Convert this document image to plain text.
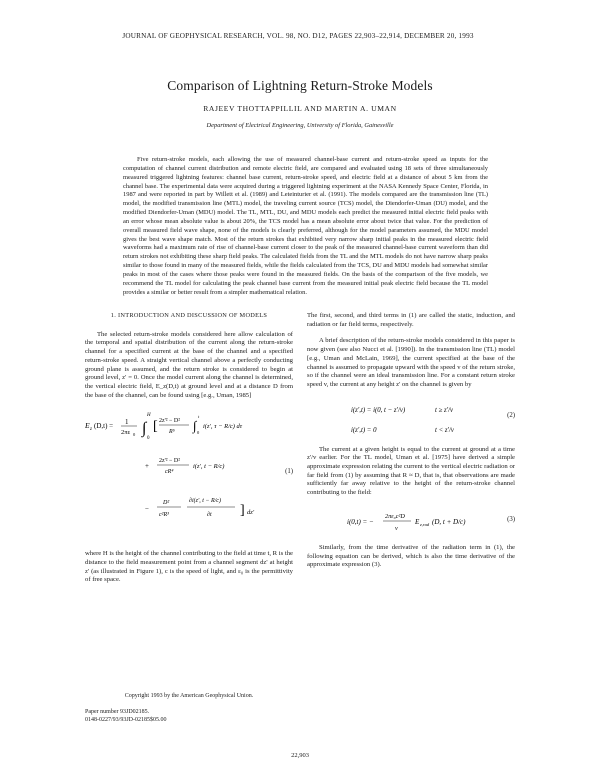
JOURNAL OF GEOPHYSICAL RESEARCH, VOL. 98, NO. D12, PAGES 22,903–22,914, DECEMBER 20, 1993
Comparison of Lightning Return-Stroke Models
RAJEEV THOTTAPPILLIL AND MARTIN A. UMAN
Department of Electrical Engineering, University of Florida, Gainesville

Five return-stroke models, each allowing the use of measured channel-base current and return-stroke speed as inputs for the computation of channel current distribution and remote electric field, are compared and evaluated using 18 sets of three simultaneously measured triggered lightning features: channel base current, return-stroke speed, and electric field at a distance of about 5 km from the channel base. The experimental data were acquired during a triggered lightning experiment at the NASA Kennedy Space Center, Florida, in 1987 and were reported in part by Willett et al. (1989) and Leteinturier et al. (1991). The models compared are the transmission line (TL) model, the modified transmission line (MTL) model, the traveling current source (TCS) model, the Diendorfer-Uman (DU) model, and the modified Diendorfer-Uman (MDU) model. The TL, MTL, DU, and MDU models each predict the measured initial electric field peaks with an error whose mean absolute value is about 20%, the TCS model has a mean absolute error about twice that value. For the prediction of overall measured field wave shape, none of the models is clearly preferred, although for the model parameters assumed, the MDU model gives the best wave shape match. Most of the return strokes that exhibited very narrow sharp initial peaks in the measured electric field waveforms had a maximum rate of rise of channel-base current closer to the peak of the measured channel-base current waveform than did return strokes not exhibiting these sharp field peaks. The calculated fields from the TL and the MTL models do not have narrow sharp peaks similar to those found in many of the measured fields, while the fields calculated from the TCS, DU and MDU models had somewhat similar peaks in most of the cases where those peaks were found in the measured fields. On the basis of the comparison of the five models, we recommend the TL model for calculating the peak channel base current from the measured initial peak electric field because the TL model provides a similar or better result from a simpler mathematical relation.

1. INTRODUCTION AND DISCUSSION OF MODELS

The selected return-stroke models considered here allow calculation of the temporal and spatial distribution of the current along the return-stroke channel for a specified current at the base of the channel and a specified return-stroke speed. A straight vertical channel above a perfectly conducting ground plane is assumed, and the return stroke is considered to begin at ground level, z' = 0. Once the model current along the channel is determined, the vertical electric field, E_z(D,t) at ground level and at a distance D from the base of the channel, can be found using [e.g., Uman, 1985]

E z (D,t) = 1
2πε 0 ∫
H
0
[ 2z'² − D²
R⁵ ∫
t
0
i(z', τ − R/c) dτ
2z'² − D²
cR⁴
i(z', t − R/c)
+
−
D²
c²R³
∂i(z', t − R/c)
∂t ] dz'
(1)

where H is the height of the channel contributing to the field at time t, R is the distance to the field measurement point from a channel segment dz' at height z' (as illustrated in Figure 1), c is the speed of light, and ε₀ is the permittivity of free space.

Copyright 1993 by the American Geophysical Union.
Paper number 93JD02185.
0148-0227/93/93JD-02185$05.00

The first, second, and third terms in (1) are called the static, induction, and radiation or far field terms, respectively.

A brief description of the return-stroke models considered in this paper is now given (see also Nucci et al. [1990]). In the transmission line (TL) model [e.g., Uman and McLain, 1969], the current specified at the base of the channel is assumed to propagate upward with the speed v of the return stroke, so if the channel were an ideal transmission line. For a constant return stroke speed v, the current at any height z' on the channel is given by

i(z',t) = i(0, t − z'/v)	t ≥ z'/v
i(z',t) = 0	t < z'/v
(2)

The current at a given height is equal to the current at ground at a time z'/v earlier. For the TL model, Uman et al. [1975] have derived a simple approximate expression relating the current to the vertical electric radiation or far field from (1) by assuming that R ≈ D, that is, that observations are made sufficiently far away relative to the height of the return-stroke channel contributing to the field:

i(0,t) = −
2πε₀c²D
v
E z,rad (D, t + D/c)	(3)

Similarly, from the time derivative of the radiation term in (1), the following equation can be derived, which is also the time derivative of the approximate expression (3).

22,903
